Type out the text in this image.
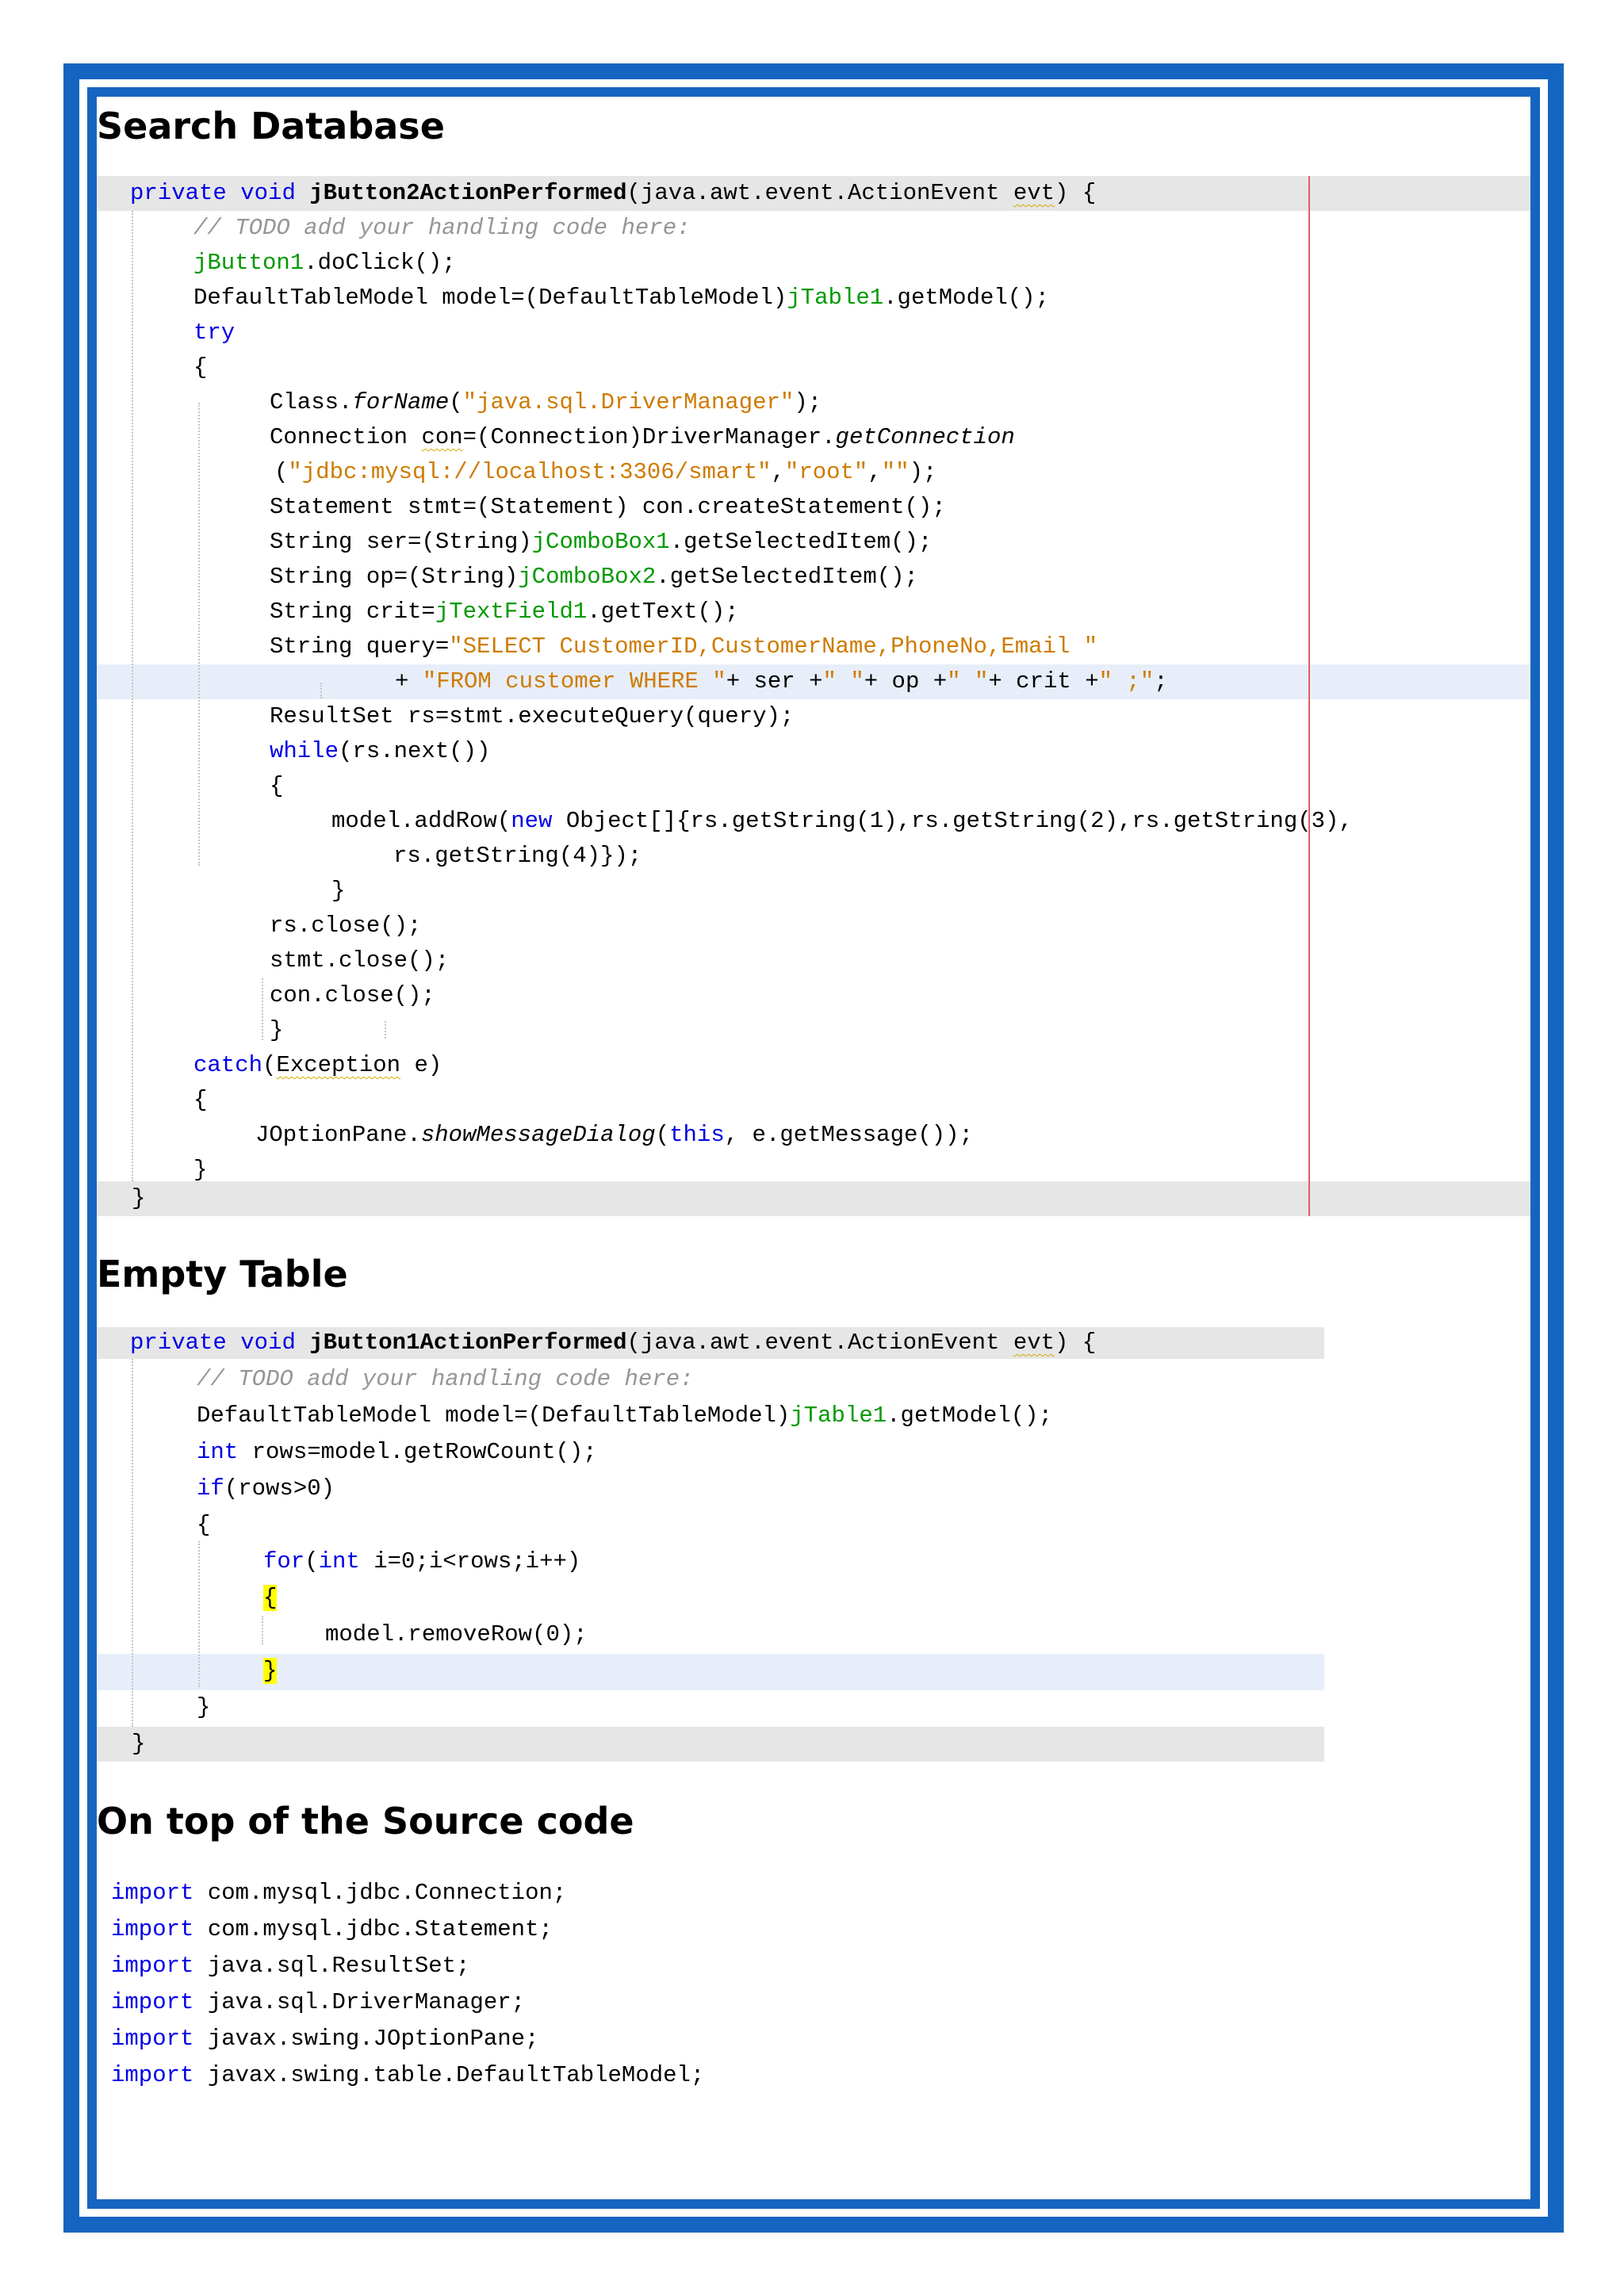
Search Database
private void jButton2ActionPerformed(java.awt.event.ActionEvent evt) {
// TODO add your handling code here:
jButton1.doClick();
DefaultTableModel model=(DefaultTableModel)jTable1.getModel();
try
{
Class.forName("java.sql.DriverManager");
Connection con=(Connection)DriverManager.getConnection
("jdbc:mysql://localhost:3306/smart","root","");
Statement stmt=(Statement) con.createStatement();
String ser=(String)jComboBox1.getSelectedItem();
String op=(String)jComboBox2.getSelectedItem();
String crit=jTextField1.getText();
String query="SELECT CustomerID,CustomerName,PhoneNo,Email "
+ "FROM customer WHERE "+ ser +" "+ op +" "+ crit +" ;";
ResultSet rs=stmt.executeQuery(query);
while(rs.next())
{
model.addRow(new Object[]{rs.getString(1),rs.getString(2),rs.getString(3),
rs.getString(4)});
}
rs.close();
stmt.close();
con.close();
}
catch(Exception e)
{
JOptionPane.showMessageDialog(this, e.getMessage());
}
}
Empty Table
private void jButton1ActionPerformed(java.awt.event.ActionEvent evt) {
// TODO add your handling code here:
DefaultTableModel model=(DefaultTableModel)jTable1.getModel();
int rows=model.getRowCount();
if(rows>0)
{
for(int i=0;i<rows;i++)
{
model.removeRow(0);
}
}
}
On top of the Source code
import com.mysql.jdbc.Connection;
import com.mysql.jdbc.Statement;
import java.sql.ResultSet;
import java.sql.DriverManager;
import javax.swing.JOptionPane;
import javax.swing.table.DefaultTableModel;
